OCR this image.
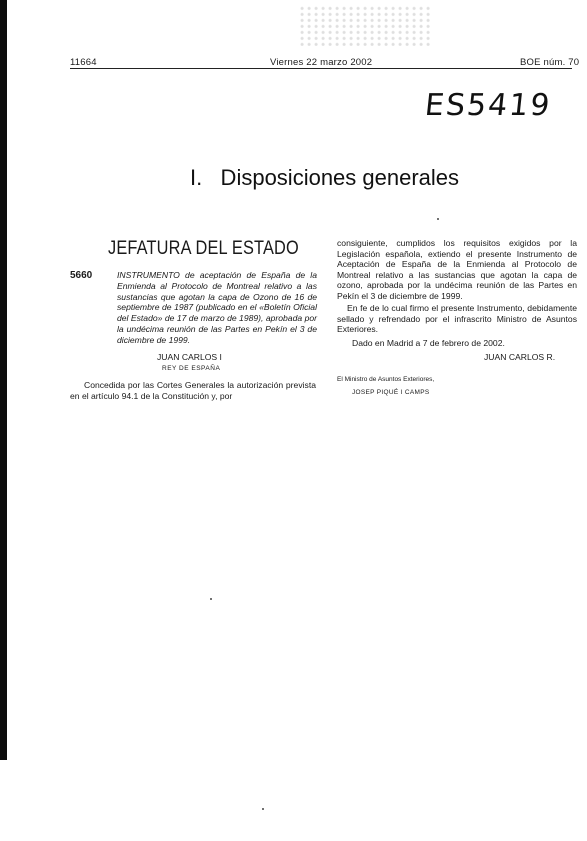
11664	Viernes 22 marzo 2002	BOE núm. 70
ES5419
I.   Disposiciones generales
JEFATURA DEL ESTADO
5660	INSTRUMENTO de aceptación de España de la Enmienda al Protocolo de Montreal relativo a las sustancias que agotan la capa de Ozono de 16 de septiembre de 1987 (publicado en el «Boletín Oficial del Estado» de 17 de marzo de 1989), aprobada por la undécima reunión de las Partes en Pekín el 3 de diciembre de 1999.
JUAN CARLOS I
REY DE ESPAÑA
Concedida por las Cortes Generales la autorización prevista en el artículo 94.1 de la Constitución y, por
consiguiente, cumplidos los requisitos exigidos por la Legislación española, extiendo el presente Instrumento de Aceptación de España de la Enmienda al Protocolo de Montreal relativo a las sustancias que agotan la capa de ozono, aprobada por la undécima reunión de las Partes en Pekín el 3 de diciembre de 1999.
En fe de lo cual firmo el presente Instrumento, debidamente sellado y refrendado por el infrascrito Ministro de Asuntos Exteriores.
Dado en Madrid a 7 de febrero de 2002.
JUAN CARLOS R.
El Ministro de Asuntos Exteriores,
JOSEP PIQUÉ I CAMPS
